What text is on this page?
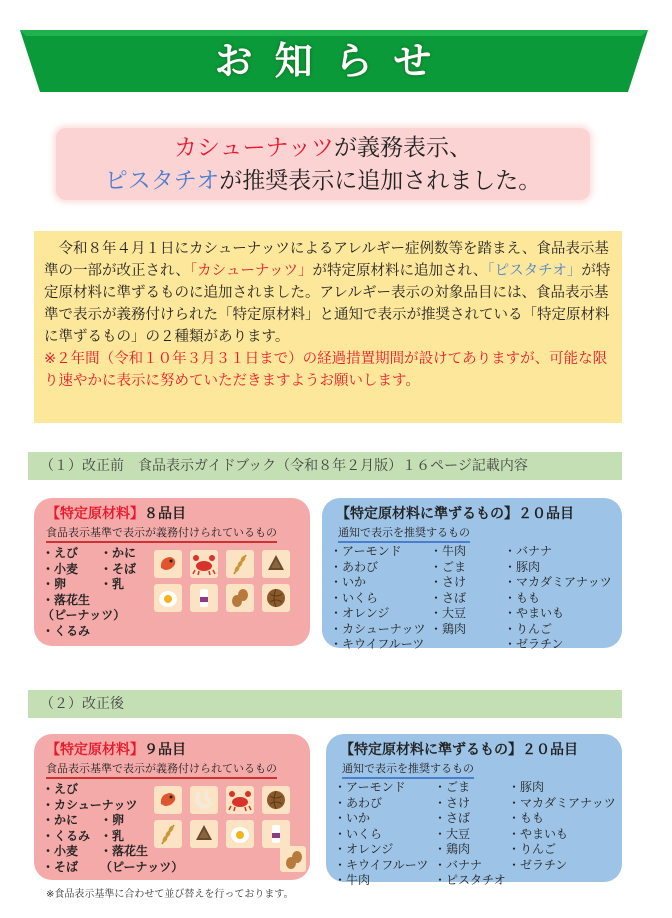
お知らせ
カシューナッツが義務表示、
ピスタチオが推奨表示に追加されました。

　令和８年４月１日にカシューナッツによるアレルギー症例数等を踏まえ、食品表示基準の一部が改正され、「カシューナッツ」が特定原材料に追加され、「ピスタチオ」が特定原材料に準ずるものに追加されました。アレルギー表示の対象品目には、食品表示基準で表示が義務付けられた「特定原材料」と通知で表示が推奨されている「特定原材料に準ずるもの」の２種類があります。

※２年間（令和１０年３月３１日まで）の経過措置期間が設けてありますが、可能な限り速やかに表示に努めていただきますようお願いします。

（１）改正前　食品表示ガイドブック（令和８年２月版）１６ページ記載内容
【特定原材料】８品目
食品表示基準で表示が義務付けられているもの
・えび
・小麦
・卵
・落花生
（ピーナッツ）
・くるみ
・かに
・そば
・乳
【特定原材料に準ずるもの】２０品目
通知で表示を推奨するもの
・アーモンド
・あわび
・いか
・いくら
・オレンジ
・カシューナッツ
・キウイフルーツ
・牛肉
・ごま
・さけ
・さば
・大豆
・鶏肉
・バナナ
・豚肉
・マカダミアナッツ
・もも
・やまいも
・りんご
・ゼラチン
（２）改正後
【特定原材料】９品目
食品表示基準で表示が義務付けられているもの
・えび
・カシューナッツ
・かに
・くるみ
・小麦
・そば
・卵
・乳
・落花生
（ピーナッツ）
【特定原材料に準ずるもの】２０品目
通知で表示を推奨するもの
・アーモンド
・あわび
・いか
・いくら
・オレンジ
・キウイフルーツ
・牛肉
・ごま
・さけ
・さば
・大豆
・鶏肉
・バナナ
・ピスタチオ
・豚肉
・マカダミアナッツ
・もも
・やまいも
・りんご
・ゼラチン
※食品表示基準に合わせて並び替えを行っております。
